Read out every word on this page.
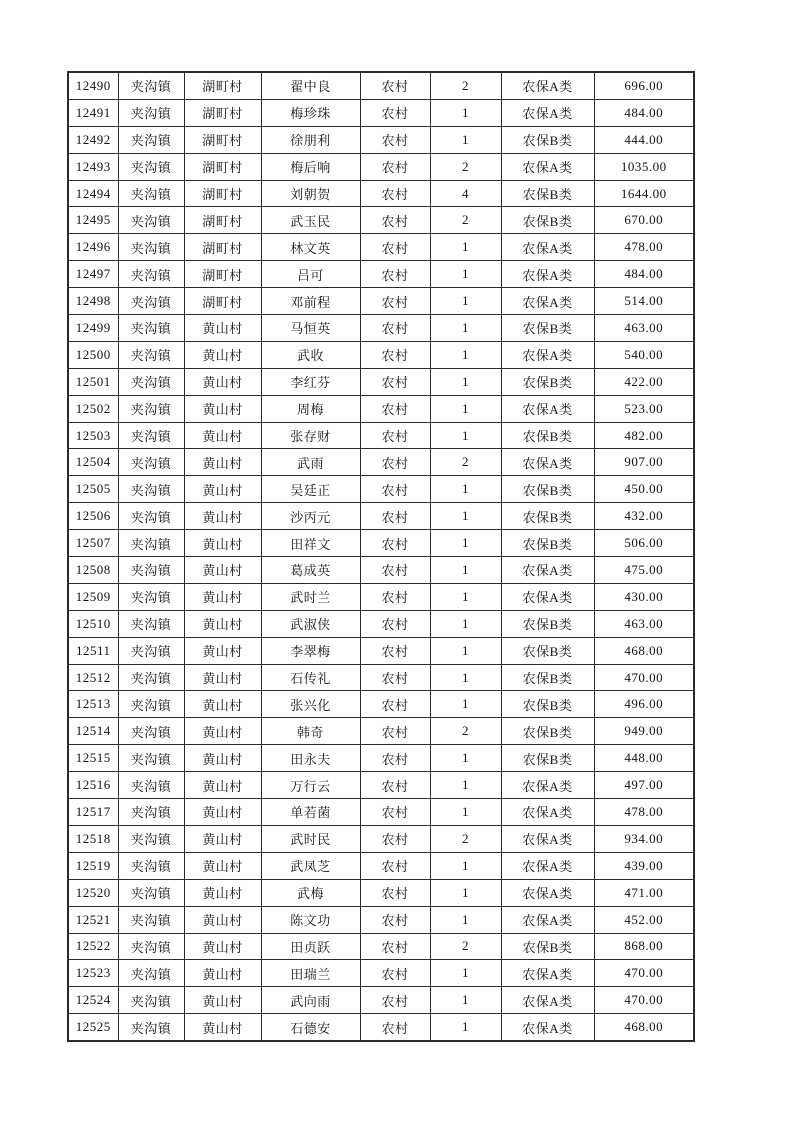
12490	夹沟镇	湖町村	翟中良	农村	2	农保A类	696.00
12491	夹沟镇	湖町村	梅珍珠	农村	1	农保A类	484.00
12492	夹沟镇	湖町村	徐朋利	农村	1	农保B类	444.00
12493	夹沟镇	湖町村	梅后响	农村	2	农保A类	1035.00
12494	夹沟镇	湖町村	刘朝贺	农村	4	农保B类	1644.00
12495	夹沟镇	湖町村	武玉民	农村	2	农保B类	670.00
12496	夹沟镇	湖町村	林文英	农村	1	农保A类	478.00
12497	夹沟镇	湖町村	吕可	农村	1	农保A类	484.00
12498	夹沟镇	湖町村	邓前程	农村	1	农保A类	514.00
12499	夹沟镇	黄山村	马恒英	农村	1	农保B类	463.00
12500	夹沟镇	黄山村	武收	农村	1	农保A类	540.00
12501	夹沟镇	黄山村	李红芬	农村	1	农保B类	422.00
12502	夹沟镇	黄山村	周梅	农村	1	农保A类	523.00
12503	夹沟镇	黄山村	张存财	农村	1	农保B类	482.00
12504	夹沟镇	黄山村	武雨	农村	2	农保A类	907.00
12505	夹沟镇	黄山村	吴廷正	农村	1	农保B类	450.00
12506	夹沟镇	黄山村	沙丙元	农村	1	农保B类	432.00
12507	夹沟镇	黄山村	田祥文	农村	1	农保B类	506.00
12508	夹沟镇	黄山村	葛成英	农村	1	农保A类	475.00
12509	夹沟镇	黄山村	武时兰	农村	1	农保A类	430.00
12510	夹沟镇	黄山村	武淑侠	农村	1	农保B类	463.00
12511	夹沟镇	黄山村	李翠梅	农村	1	农保B类	468.00
12512	夹沟镇	黄山村	石传礼	农村	1	农保B类	470.00
12513	夹沟镇	黄山村	张兴化	农村	1	农保B类	496.00
12514	夹沟镇	黄山村	韩奇	农村	2	农保B类	949.00
12515	夹沟镇	黄山村	田永夫	农村	1	农保B类	448.00
12516	夹沟镇	黄山村	万行云	农村	1	农保A类	497.00
12517	夹沟镇	黄山村	单若菌	农村	1	农保A类	478.00
12518	夹沟镇	黄山村	武时民	农村	2	农保A类	934.00
12519	夹沟镇	黄山村	武凤芝	农村	1	农保A类	439.00
12520	夹沟镇	黄山村	武梅	农村	1	农保A类	471.00
12521	夹沟镇	黄山村	陈文功	农村	1	农保A类	452.00
12522	夹沟镇	黄山村	田贞跃	农村	2	农保B类	868.00
12523	夹沟镇	黄山村	田瑞兰	农村	1	农保A类	470.00
12524	夹沟镇	黄山村	武向雨	农村	1	农保A类	470.00
12525	夹沟镇	黄山村	石德安	农村	1	农保A类	468.00
